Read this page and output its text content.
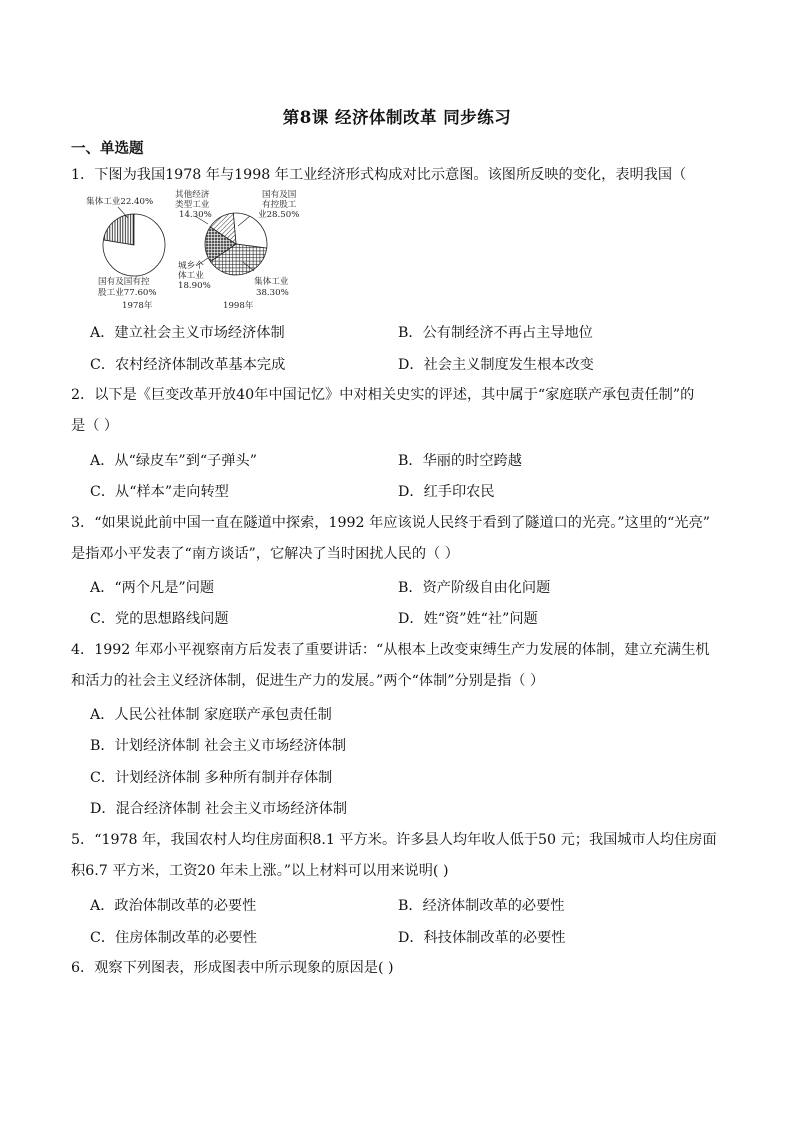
第8课 经济体制改革 同步练习
一、单选题
1．下图为我国1978 年与1998 年工业经济形式构成对比示意图。该图所反映的变化，表明我国（
集体工业22.40%
国有及国有控
股工业77.60%
1978年
其他经济
类型工业
14.30%
国有及国
有控股工
业28.50%
城乡个
体工业
18.90%	集体工业
38.30%
1998年
A．建立社会主义市场经济体制	B．公有制经济不再占主导地位
C．农村经济体制改革基本完成	D．社会主义制度发生根本改变
2．以下是《巨变改革开放40年中国记忆》中对相关史实的评述，其中属于“家庭联产承包责任制”的
是（ ）
A．从“绿皮车”到“子弹头”	B．华丽的时空跨越
C．从“样本”走向转型	D．红手印农民
3．“如果说此前中国一直在隧道中探索，1992 年应该说人民终于看到了隧道口的光亮。”这里的“光亮”
是指邓小平发表了“南方谈话”，它解决了当时困扰人民的（ ）
A．“两个凡是”问题	B．资产阶级自由化问题
C．党的思想路线问题	D．姓“资”姓“社”问题
4．1992 年邓小平视察南方后发表了重要讲话：“从根本上改变束缚生产力发展的体制，建立充满生机
和活力的社会主义经济体制，促进生产力的发展。”两个“体制”分别是指（ ）
A．人民公社体制 家庭联产承包责任制
B．计划经济体制 社会主义市场经济体制
C．计划经济体制 多种所有制并存体制
D．混合经济体制 社会主义市场经济体制
5．“1978 年，我国农村人均住房面积8.1 平方米。许多县人均年收人低于50 元；我国城市人均住房面
积6.7 平方米，工资20 年未上涨。”以上材料可以用来说明( )
A．政治体制改革的必要性	B．经济体制改革的必要性
C．住房体制改革的必要性	D．科技体制改革的必要性
6．观察下列图表，形成图表中所示现象的原因是( )
